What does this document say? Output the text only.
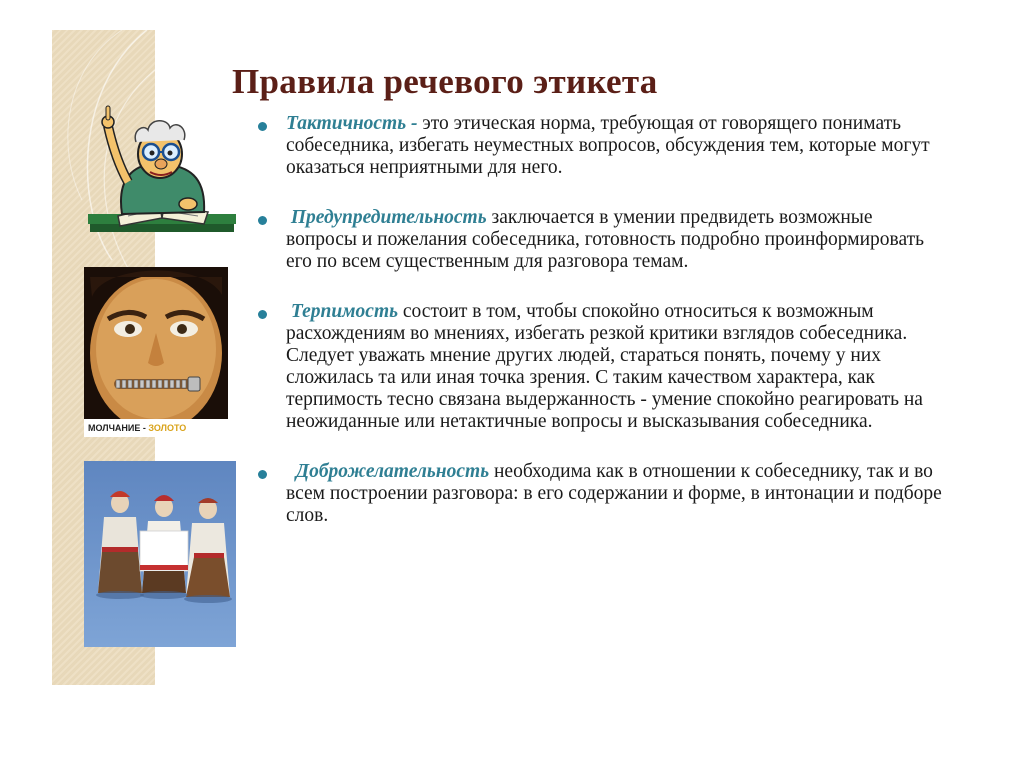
Правила речевого этикета
МОЛЧАНИЕ - ЗОЛОТО

Тактичность - это этическая норма, требующая от говорящего понимать собеседника, избегать неуместных вопросов, обсуждения тем, которые могут оказаться неприятными для него.

Предупредительность заключается в умении предвидеть возможные вопросы и пожелания собеседника, готовность подробно проинформировать его по всем существенным для разговора темам.

Терпимость состоит в том, чтобы спокойно относиться к возможным расхождениям во мнениях, избегать резкой критики взглядов собеседника. Следует уважать мнение других людей, стараться понять, почему у них сложилась та или иная точка зрения. С таким качеством характера, как терпимость тесно связана выдержанность - умение спокойно реагировать на неожиданные или нетактичные вопросы и высказывания собеседника.

Доброжелательность необходима как в отношении к собеседнику, так и во всем построении разговора: в его содержании и форме, в интонации и подборе слов.
